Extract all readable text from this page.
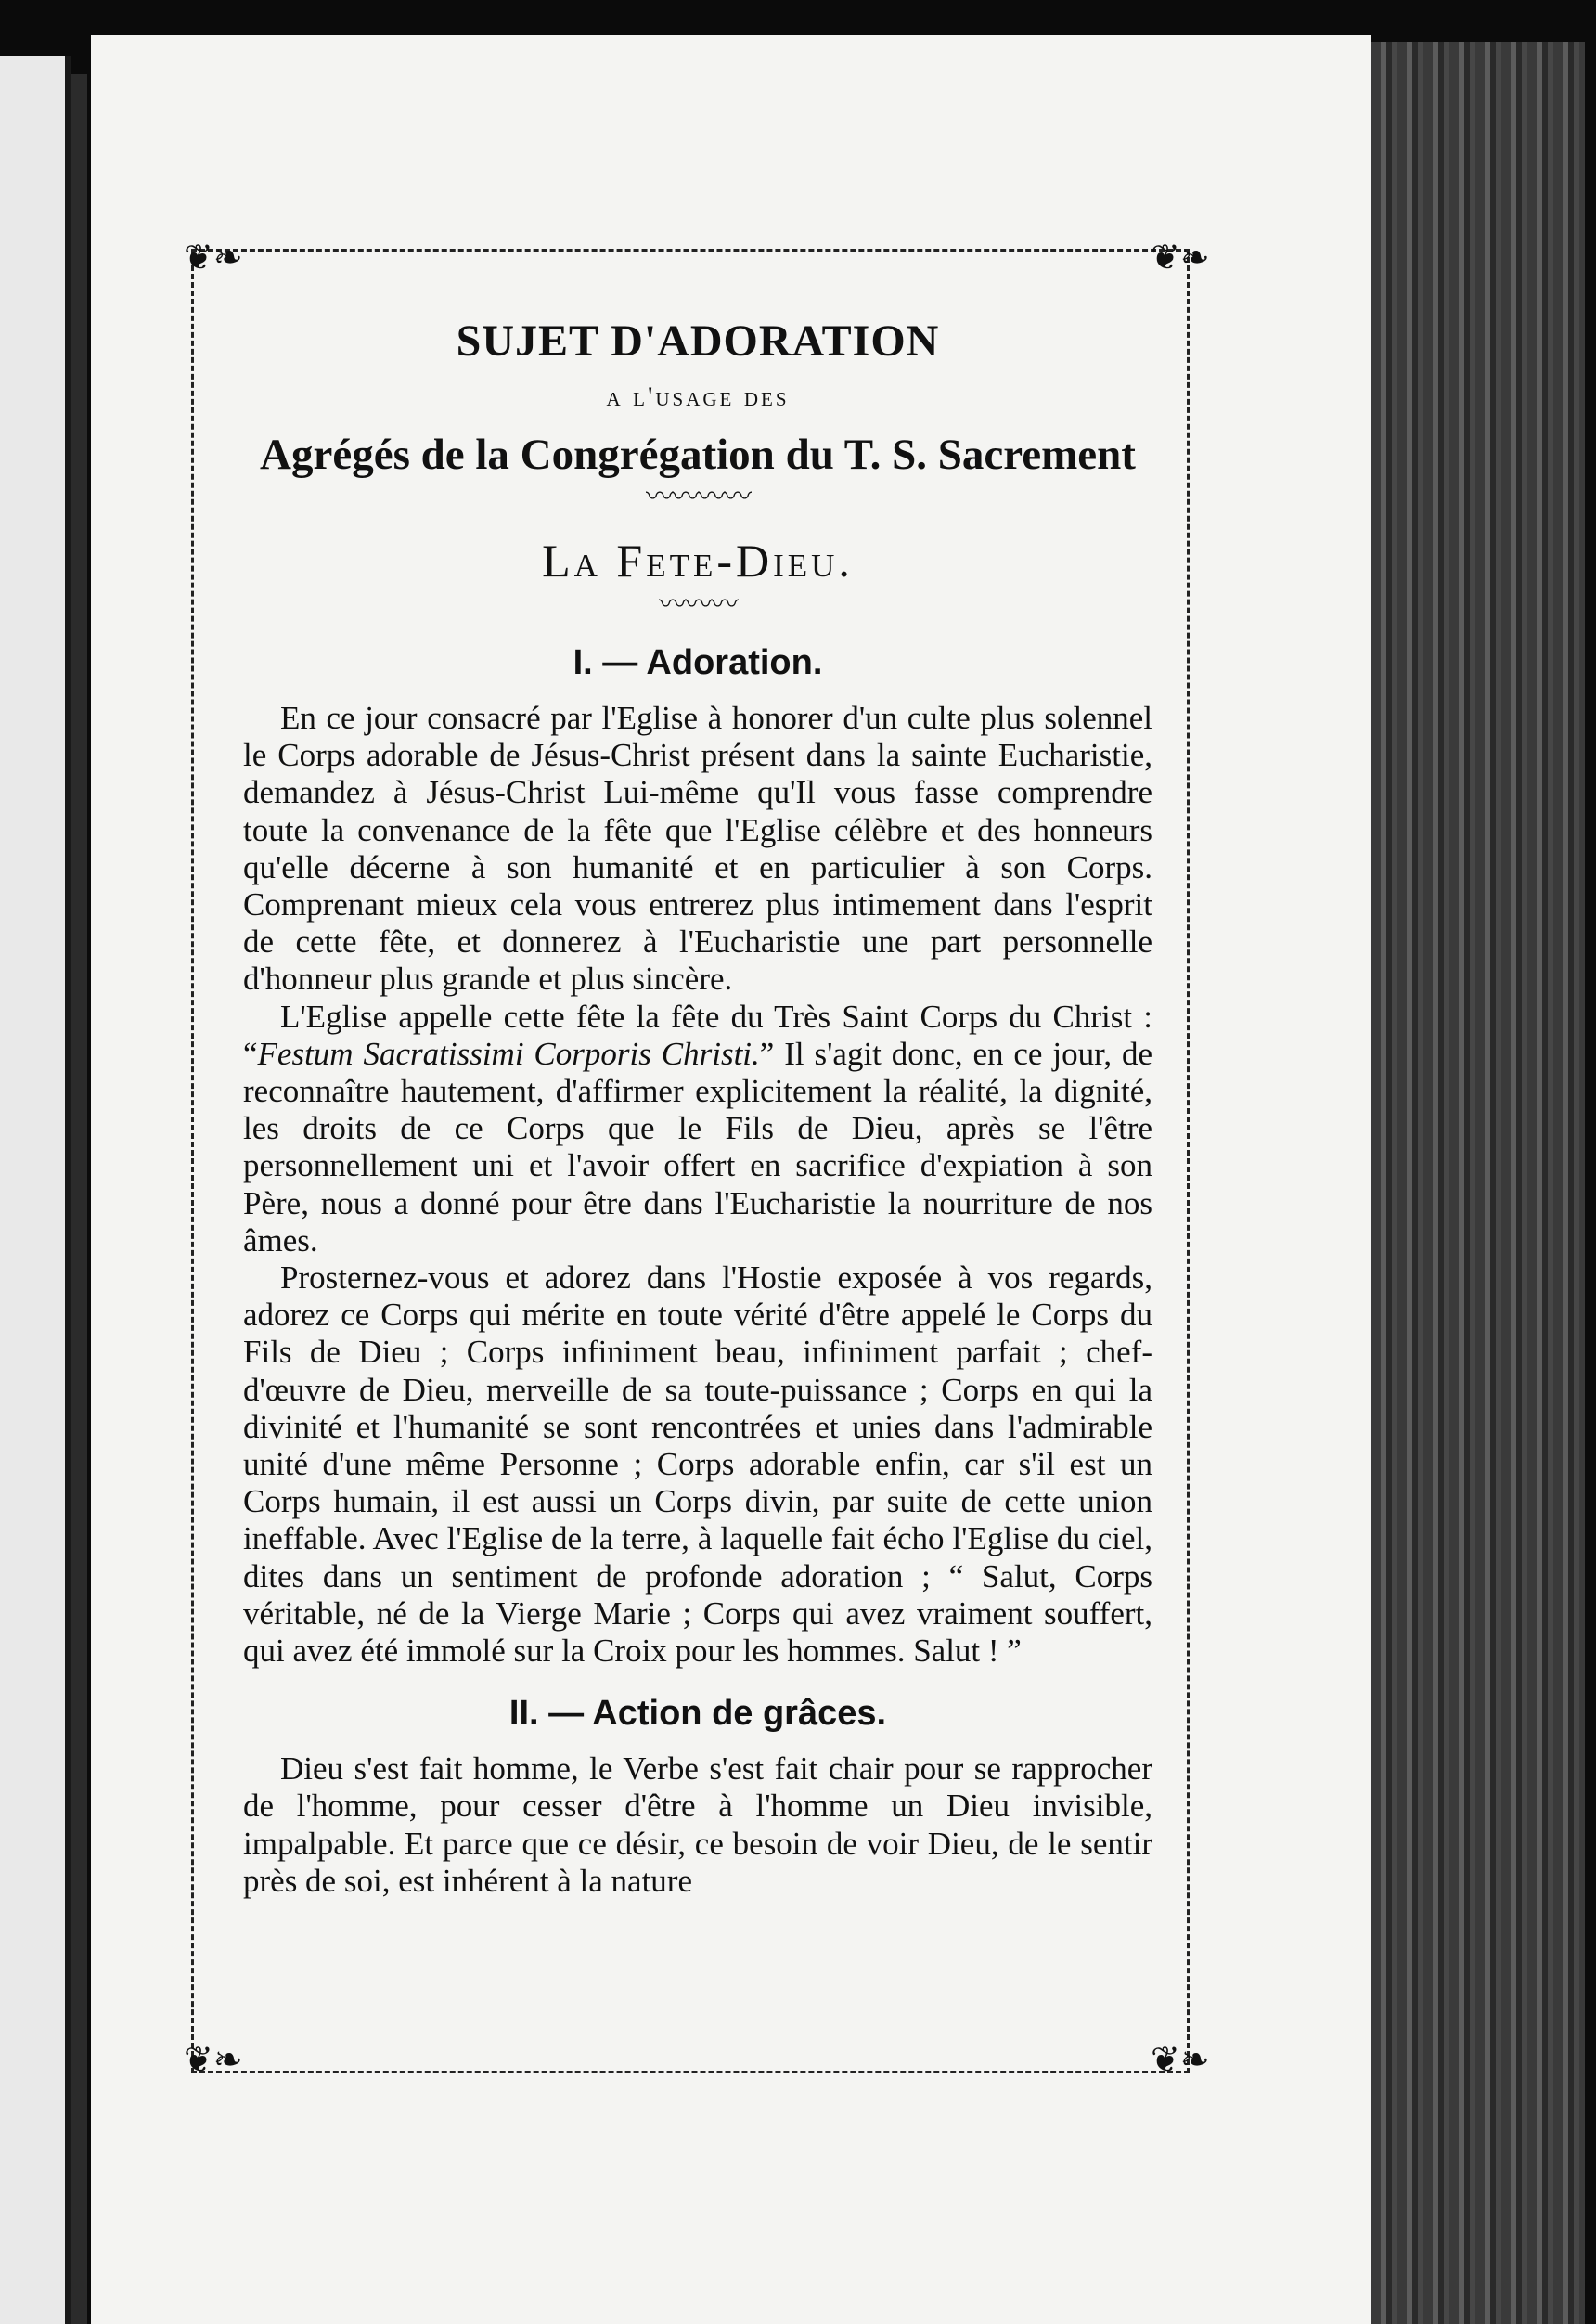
❦❧	❦❧
❦❧	❦❧
SUJET D'ADORATION

a l'usage des

Agrégés de la Congrégation du T. S. Sacrement

〰〰〰〰

La Fete-Dieu.

〰〰〰
I. — Adoration.

En ce jour consacré par l'Eglise à honorer d'un culte plus solennel le Corps adorable de Jésus-Christ présent dans la sainte Eucharistie, demandez à Jésus-Christ Lui-même qu'Il vous fasse comprendre toute la convenance de la fête que l'Eglise célèbre et des honneurs qu'elle décerne à son humanité et en particulier à son Corps. Comprenant mieux cela vous entrerez plus intimement dans l'esprit de cette fête, et donnerez à l'Eucharistie une part personnelle d'honneur plus grande et plus sincère.

L'Eglise appelle cette fête la fête du Très Saint Corps du Christ : “Festum Sacratissimi Corporis Christi.” Il s'agit donc, en ce jour, de reconnaître hautement, d'affirmer explicitement la réalité, la dignité, les droits de ce Corps que le Fils de Dieu, après se l'être personnellement uni et l'avoir offert en sacrifice d'expiation à son Père, nous a donné pour être dans l'Eucharistie la nourriture de nos âmes.

Prosternez-vous et adorez dans l'Hostie exposée à vos regards, adorez ce Corps qui mérite en toute vérité d'être appelé le Corps du Fils de Dieu ; Corps infiniment beau, infiniment parfait ; chef-d'œuvre de Dieu, merveille de sa toute-puissance ; Corps en qui la divinité et l'humanité se sont rencontrées et unies dans l'admirable unité d'une même Personne ; Corps adorable enfin, car s'il est un Corps humain, il est aussi un Corps divin, par suite de cette union ineffable. Avec l'Eglise de la terre, à laquelle fait écho l'Eglise du ciel, dites dans un sentiment de profonde adoration ; “ Salut, Corps véritable, né de la Vierge Marie ; Corps qui avez vraiment souffert, qui avez été immolé sur la Croix pour les hommes. Salut ! ”

II. — Action de grâces.

Dieu s'est fait homme, le Verbe s'est fait chair pour se rapprocher de l'homme, pour cesser d'être à l'homme un Dieu invisible, impalpable. Et parce que ce désir, ce besoin de voir Dieu, de le sentir près de soi, est inhérent à la nature
